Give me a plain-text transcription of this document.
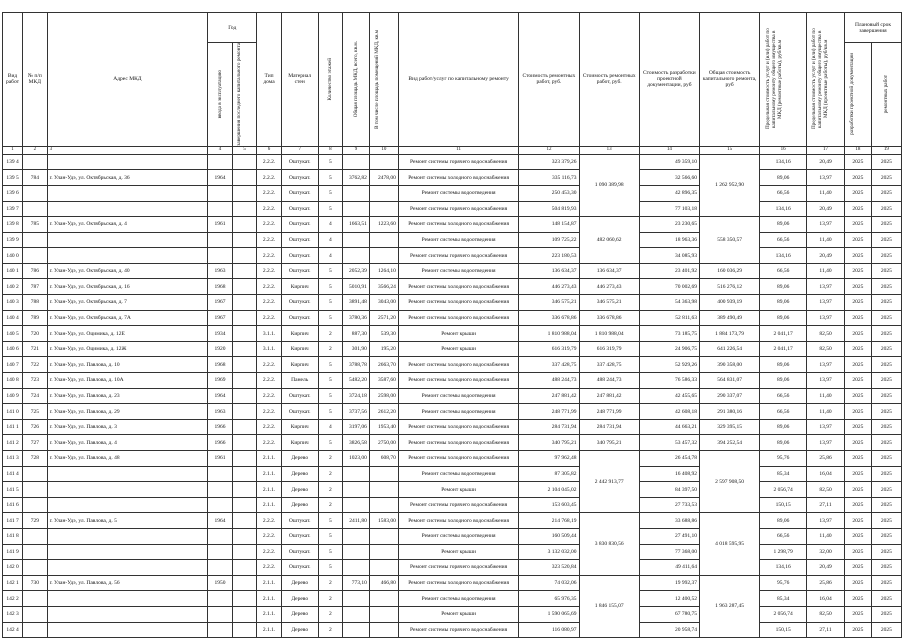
Вид работ	№ п/п МКД	Адрес МКД	Год		Тип дома	Материал стен	Количество этажей	Общая площадь МКД, всего, кв.м.	В том числе площадь помещений МКД, кв.м	Вид работ/услуг по капитальному ремонту	Стоимость ремонтных работ, руб.	Стоимость ремонтных работ, руб.	Стоимость разработки проектной документации, руб	Общая стоимость капитального ремонта, руб	Предельная стоимость услуг и (или) работ по капитальному ремонту общего имущества в МКД (ремонтные работы), руб/кв.м	Предельная стоимость услуг и (или) работ по капитальному ремонту общего имущества в МКД (проектные работы), руб/кв.м	Плановый срок завершения	

			ввода в эксплуатацию	завершения последнего капитального ремонта													разработки проектной документации	ремонтных работ

1	2	3	4	5	6	7	8	9	10	11	12	13	14	15	16	17	18	19
139 4					2.2.2.	Оштукат.	5			Ремонт системы горячего водоснабжения	323 379,26	1 090 389,98	49 359,10	1 262 952,90	134,16	20,49	2025	2025
139 5	784	г. Улан-Удэ, ул. Октябрьская, д. 36	1964		2.2.2.	Оштукат.	5	3762,82	2478,00	Ремонт системы холодного водоснабжения	335 116,73		32 566,60		89,06	13,97	2025	2025
139 6					2.2.2.	Оштукат.	5			Ремонт системы водоотведения	250 453,30		42 896,35		66,56	11,40	2025	2025
139 7					2.2.2.	Оштукат.	5			Ремонт системы горячего водоснабжения	504 819,93		77 103,18		134,16	20,49	2025	2025
139 8	785	г. Улан-Удэ, ул. Октябрьская, д. 4	1961		2.2.2.	Оштукат.	4	1663,51	1223,60	Ремонт системы холодного водоснабжения	148 154,87	482 060,62	23 230,65	558 350,57	89,06	13,97	2025	2025
139 9					2.2.2.	Оштукат.	4			Ремонт системы водоотведения	109 725,22		18 963,36		66,56	11,40	2025	2025
140 0					2.2.2.	Оштукат.	4			Ремонт системы горячего водоснабжения	223 180,53		34 085,93		134,16	20,49	2025	2025
140 1	786	г. Улан-Удэ, ул. Октябрьская, д. 40	1963		2.2.2.	Оштукат.	5	2052,39	1264,10	Ремонт системы водоотведения	136 634,37	136 634,37	23 401,92	160 036,29	66,56	11,40	2025	2025
140 2	787	г. Улан-Удэ, ул. Октябрьская, д. 16	1968		2.2.2.	Кирпич	5	5010,91	3566,24	Ремонт системы холодного водоснабжения	446 273,43	446 273,43	70 002,69	516 276,12	89,06	13,97	2025	2025
140 3	788	г. Улан-Удэ, ул. Октябрьская, д. 7	1967		2.2.2.	Оштукат.	5	3891,48	3043,00	Ремонт системы холодного водоснабжения	346 575,21	346 575,21	54 363,98	400 939,19	89,06	13,97	2025	2025
140 4	789	г. Улан-Удэ, ул. Октябрьская, д. 7А	1967		2.2.2.	Оштукат.	5	3780,36	2571,20	Ремонт системы холодного водоснабжения	336 678,86	336 678,86	52 811,63	389 490,49	89,06	13,97	2025	2025
140 5	720	г. Улан-Удэ, ул. Оцимика, д. 12Е	1934		3.1.1.	Кирпич	2	887,30	539,30	Ремонт крыши	1 810 988,04	1 810 988,04	73 185,75	1 884 173,79	2 041,17	82,50	2025	2025
140 6	721	г. Улан-Удэ, ул. Оцимика, д. 12Ж	1920		3.1.1.	Кирпич	2	301,90	195,20	Ремонт крыши	616 319,79	616 319,79	24 906,75	641 226,54	2 041,17	82,50	2025	2025
140 7	722	г. Улан-Удэ, ул. Павлова, д. 10	1968		2.2.2.	Кирпич	5	3788,78	2663,70	Ремонт системы холодного водоснабжения	337 428,75	337 428,75	52 929,26	390 358,00	89,06	13,97	2025	2025
140 8	723	г. Улан-Удэ, ул. Павлова, д. 10А	1969		2.2.2.	Панель	5	5482,20	3587,60	Ремонт системы холодного водоснабжения	488 244,73	488 244,73	76 586,33	564 831,07	89,06	13,97	2025	2025
140 9	724	г. Улан-Удэ, ул. Павлова, д. 23	1964		2.2.2.	Оштукат.	5	3724,18	2598,00	Ремонт системы водоотведения	247 881,42	247 881,42	42 455,65	290 337,07	66,56	11,40	2025	2025
141 0	725	г. Улан-Удэ, ул. Павлова, д. 29	1963		2.2.2.	Оштукат.	5	3737,56	2612,20	Ремонт системы водоотведения	248 771,99	248 771,99	42 608,18	291 380,16	66,56	11,40	2025	2025
141 1	726	г. Улан-Удэ, ул. Павлова, д. 3	1966		2.2.2.	Кирпич	4	3197,06	1953,40	Ремонт системы холодного водоснабжения	284 731,94	284 731,94	44 663,21	329 395,15	89,06	13,97	2025	2025
141 2	727	г. Улан-Удэ, ул. Павлова, д. 4	1966		2.2.2.	Кирпич	5	3826,58	2750,00	Ремонт системы холодного водоснабжения	340 795,21	340 795,21	53 457,32	394 252,54	89,06	13,97	2025	2025
141 3	728	г. Улан-Удэ, ул. Павлова, д. 48	1961		2.1.1.	Дерево	2	1023,00	608,70	Ремонт системы холодного водоснабжения	97 962,48	2 442 913,77	26 454,78	2 597 908,50	95,76	25,86	2025	2025
141 4					2.1.1.	Дерево	2			Ремонт системы водоотведения	87 305,82		16 408,92		85,34	16,04	2025	2025
141 5					2.1.1.	Дерево	2			Ремонт крыши	2 104 045,02		84 397,50		2 056,74	82,50	2025	2025
141 6					2.1.1.	Дерево	2			Ремонт системы горячего водоснабжения	153 603,45		27 733,53		150,15	27,11	2025	2025
141 7	729	г. Улан-Удэ, ул. Павлова, д. 5	1964		2.2.2.	Оштукат.	5	2411,80	1583,00	Ремонт системы холодного водоснабжения	214 768,19	3 830 830,56	33 688,86	4 018 595,95	89,06	13,97	2025	2025
141 8					2.2.2.	Оштукат.	5			Ремонт системы водоотведения	160 509,44		27 491,10		66,56	11,40	2025	2025
141 9					2.2.2.	Оштукат.	5			Ремонт крыши	3 132 032,00		77 368,00		1 298,79	32,00	2025	2025
142 0					2.2.2.	Оштукат.	5			Ремонт системы горячего водоснабжения	323 520,84		49 411,64		134,16	20,49	2025	2025
142 1	730	г. Улан-Удэ, ул. Павлова, д. 56	1950		2.1.1.	Дерево	2	773,10	466,80	Ремонт системы холодного водоснабжения	74 032,06	1 846 155,07	19 992,37	1 963 287,45	95,76	25,86	2025	2025
142 2					2.1.1.	Дерево	2			Ремонт системы водоотведения	65 976,35		12 400,52		85,34	16,04	2025	2025
142 3					2.1.1.	Дерево	2			Ремонт крыши	1 590 065,69		67 780,75		2 056,74	82,50	2025	2025
142 4					2.1.1.	Дерево	2			Ремонт системы горячего водоснабжения	116 080,97		20 958,74		150,15	27,11	2025	2025
